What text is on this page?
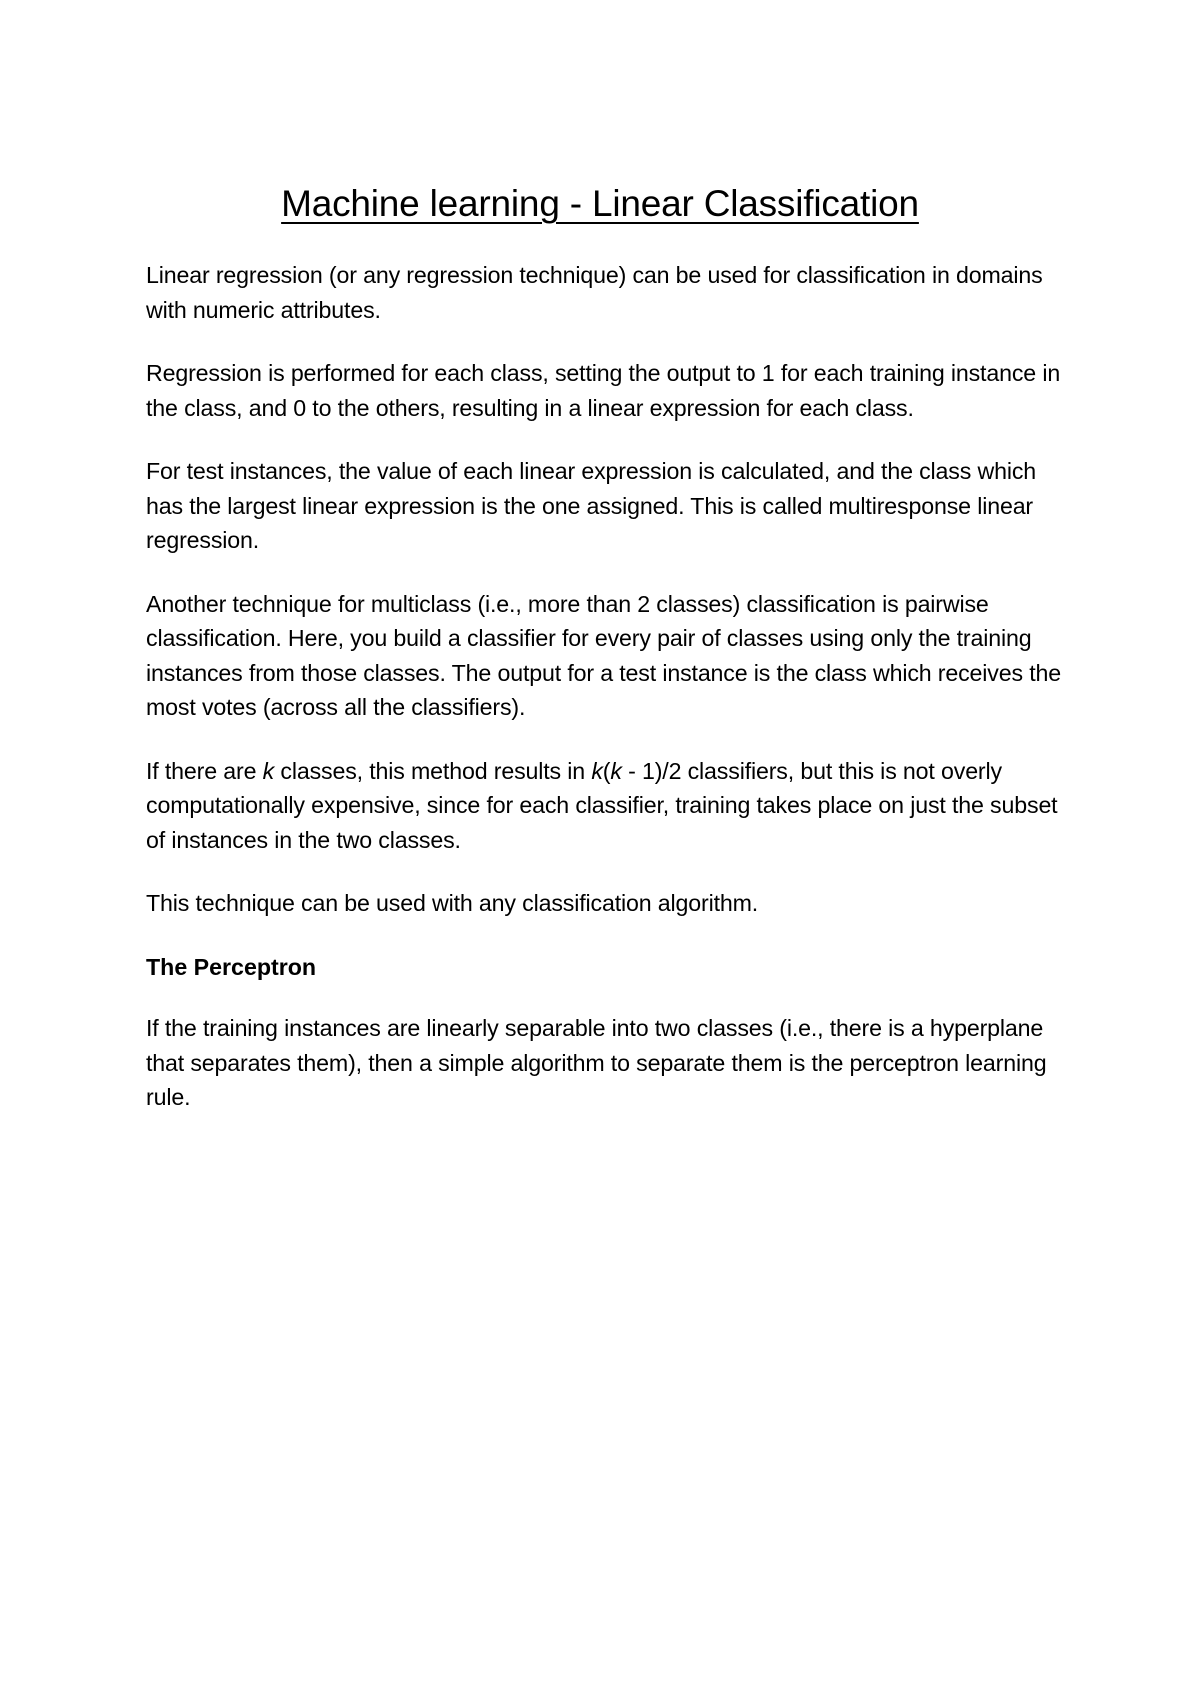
Machine learning - Linear Classification

Linear regression (or any regression technique) can be used for classification in domains with numeric attributes.

Regression is performed for each class, setting the output to 1 for each training instance in the class, and 0 to the others, resulting in a linear expression for each class.

For test instances, the value of each linear expression is calculated, and the class which has the largest linear expression is the one assigned. This is called multiresponse linear regression.

Another technique for multiclass (i.e., more than 2 classes) classification is pairwise classification. Here, you build a classifier for every pair of classes using only the training instances from those classes. The output for a test instance is the class which receives the most votes (across all the classifiers).

If there are k classes, this method results in k(k - 1)/2 classifiers, but this is not overly computationally expensive, since for each classifier, training takes place on just the subset of instances in the two classes.

This technique can be used with any classification algorithm.

The Perceptron

If the training instances are linearly separable into two classes (i.e., there is a hyperplane that separates them), then a simple algorithm to separate them is the perceptron learning rule.
